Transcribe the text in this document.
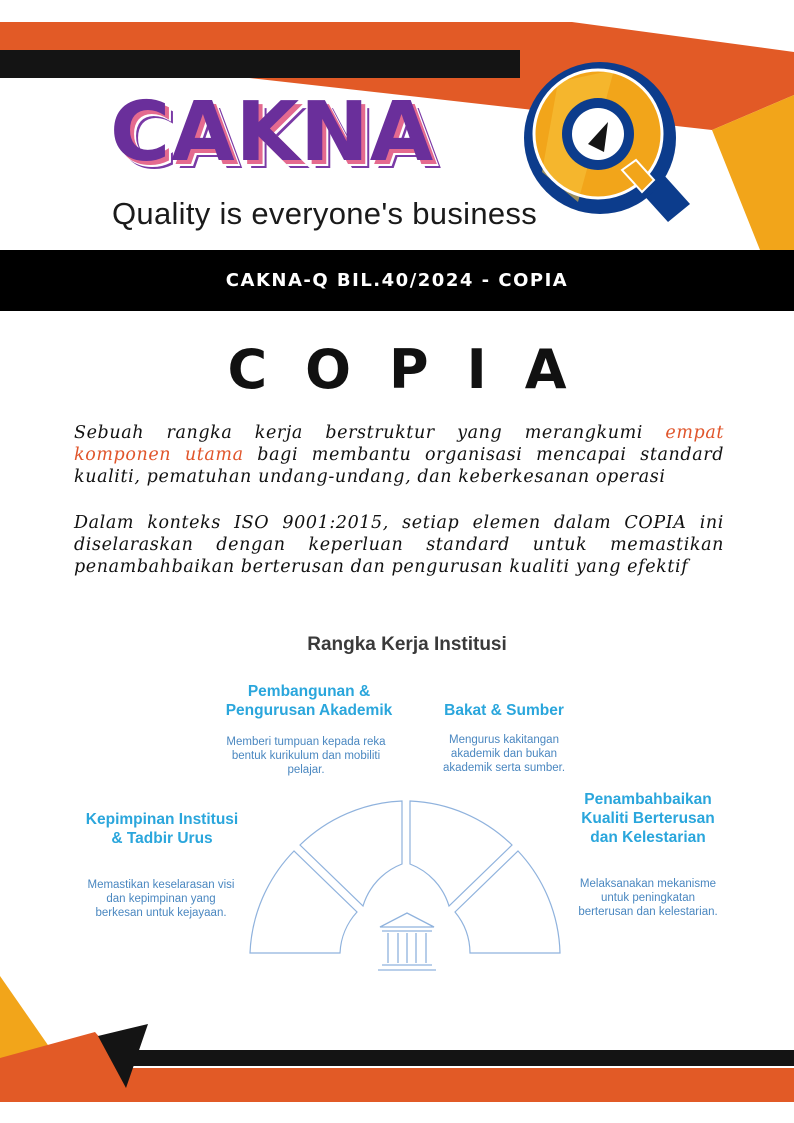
CAKNA
Quality is everyone's business
CAKNA-Q BIL.40/2024 - COPIA
COPIA

Sebuah rangka kerja berstruktur yang merangkumi empat komponen utama bagi membantu organisasi mencapai standard kualiti, pematuhan undang-undang, dan keberkesanan operasi

Dalam konteks ISO 9001:2015, setiap elemen dalam COPIA ini diselaraskan dengan keperluan standard untuk memastikan penambahbaikan berterusan dan pengurusan kualiti yang efektif

Rangka Kerja Institusi
Kepimpinan Institusi & Tadbir Urus
Memastikan keselarasan visi dan kepimpinan yang berkesan untuk kejayaan.
Pembangunan & Pengurusan Akademik
Memberi tumpuan kepada reka bentuk kurikulum dan mobiliti pelajar.
Bakat & Sumber
Mengurus kakitangan akademik dan bukan akademik serta sumber.
Penambahbaikan Kualiti Berterusan dan Kelestarian
Melaksanakan mekanisme untuk peningkatan berterusan dan kelestarian.
